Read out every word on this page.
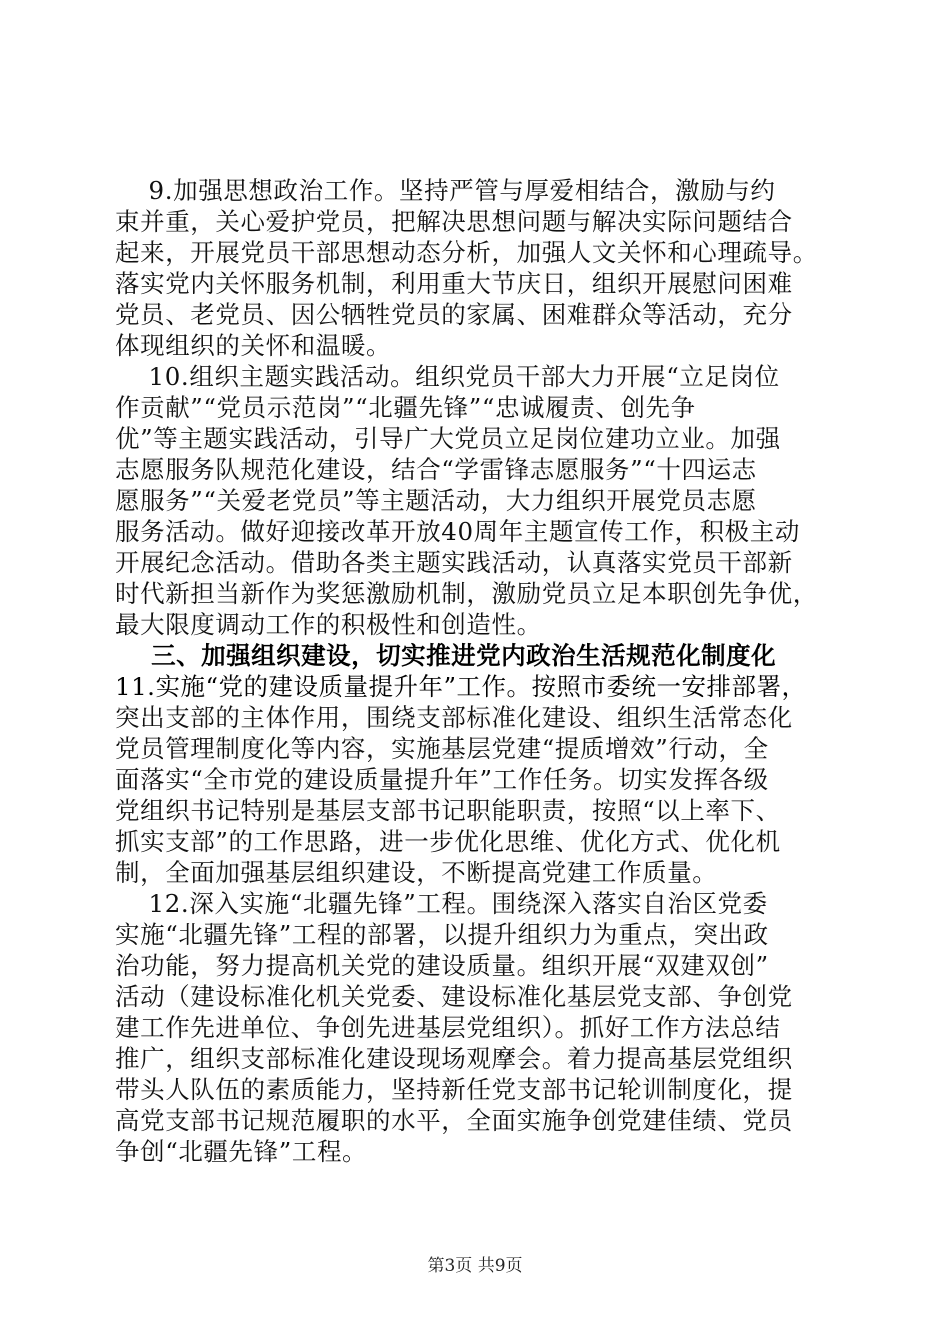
9.加强思想政治工作。坚持严管与厚爱相结合，激励与约
束并重，关心爱护党员，把解决思想问题与解决实际问题结合
起来，开展党员干部思想动态分析，加强人文关怀和心理疏导。
落实党内关怀服务机制，利用重大节庆日，组织开展慰问困难
党员、老党员、因公牺牲党员的家属、困难群众等活动，充分
体现组织的关怀和温暖。
10.组织主题实践活动。组织党员干部大力开展“立足岗位
作贡献”“党员示范岗”“北疆先锋”“忠诚履责、创先争
优”等主题实践活动，引导广大党员立足岗位建功立业。加强
志愿服务队规范化建设，结合“学雷锋志愿服务”“十四运志
愿服务”“关爱老党员”等主题活动，大力组织开展党员志愿
服务活动。做好迎接改革开放40周年主题宣传工作，积极主动
开展纪念活动。借助各类主题实践活动，认真落实党员干部新
时代新担当新作为奖惩激励机制，激励党员立足本职创先争优，
最大限度调动工作的积极性和创造性。
三、加强组织建设，切实推进党内政治生活规范化制度化
11.实施“党的建设质量提升年”工作。按照市委统一安排部署，
突出支部的主体作用，围绕支部标准化建设、组织生活常态化
党员管理制度化等内容，实施基层党建“提质增效”行动，全
面落实“全市党的建设质量提升年”工作任务。切实发挥各级
党组织书记特别是基层支部书记职能职责，按照“以上率下、
抓实支部”的工作思路，进一步优化思维、优化方式、优化机
制，全面加强基层组织建设，不断提高党建工作质量。
12.深入实施“北疆先锋”工程。围绕深入落实自治区党委
实施“北疆先锋”工程的部署，以提升组织力为重点，突出政
治功能，努力提高机关党的建设质量。组织开展“双建双创”
活动（建设标准化机关党委、建设标准化基层党支部、争创党
建工作先进单位、争创先进基层党组织）。抓好工作方法总结
推广，组织支部标准化建设现场观摩会。着力提高基层党组织
带头人队伍的素质能力，坚持新任党支部书记轮训制度化，提
高党支部书记规范履职的水平，全面实施争创党建佳绩、党员
争创“北疆先锋”工程。
第3页 共9页
